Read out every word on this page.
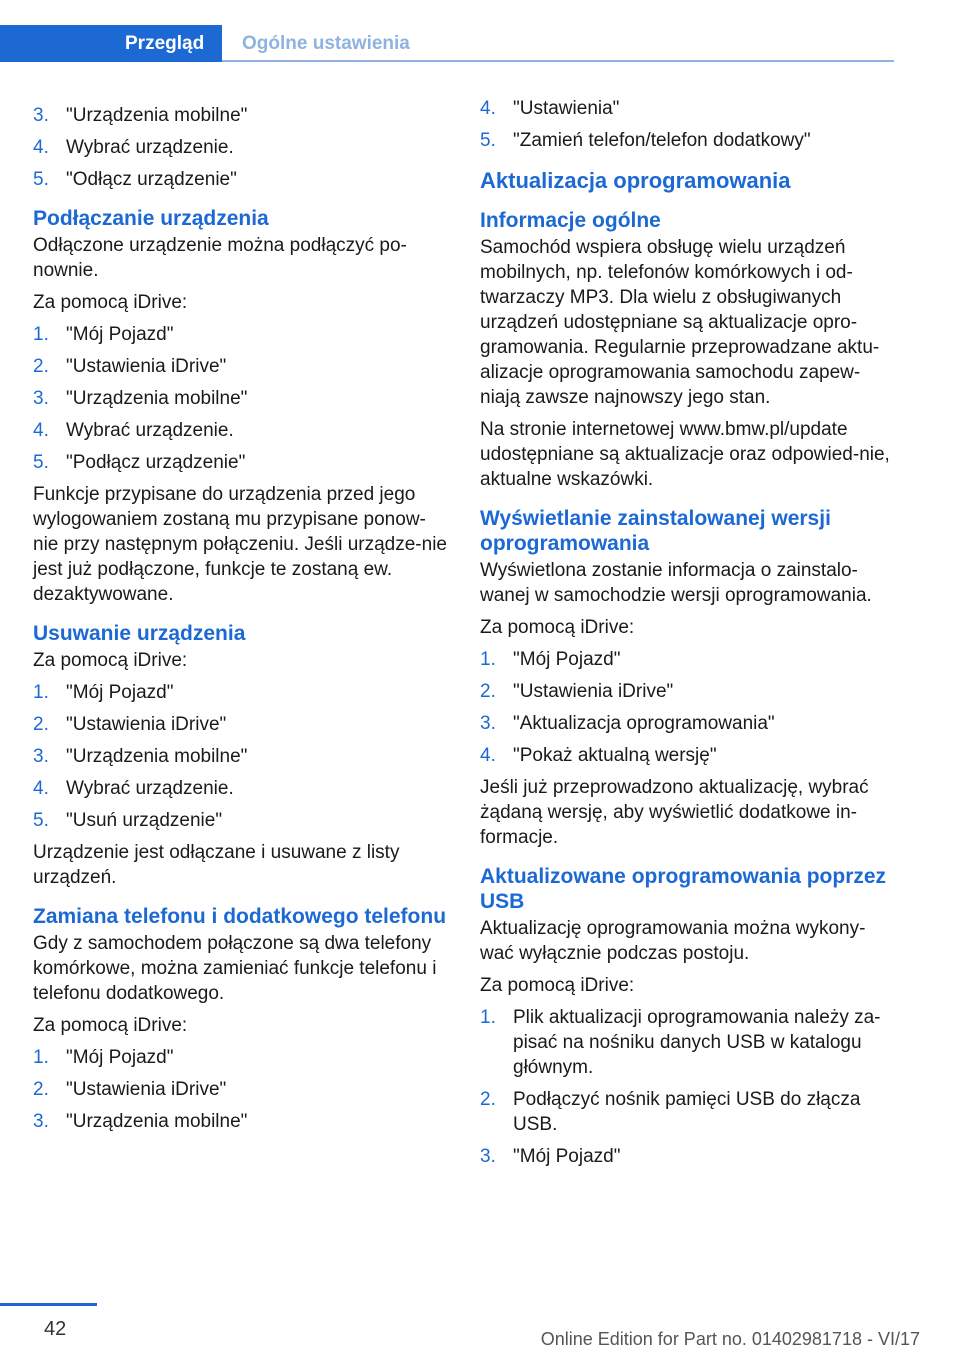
Przegląd	Ogólne ustawienia
3. "Urządzenia mobilne"
4. Wybrać urządzenie.
5. "Odłącz urządzenie"
Podłączanie urządzenia

Odłączone urządzenie można podłączyć po-nownie.

Za pomocą iDrive:

1. "Mój Pojazd"
2. "Ustawienia iDrive"
3. "Urządzenia mobilne"
4. Wybrać urządzenie.
5. "Podłącz urządzenie"

Funkcje przypisane do urządzenia przed jego wylogowaniem zostaną mu przypisane ponow-nie przy następnym połączeniu. Jeśli urządze-nie jest już podłączone, funkcje te zostaną ew. dezaktywowane.

Usuwanie urządzenia

Za pomocą iDrive:

1. "Mój Pojazd"
2. "Ustawienia iDrive"
3. "Urządzenia mobilne"
4. Wybrać urządzenie.
5. "Usuń urządzenie"

Urządzenie jest odłączane i usuwane z listy urządzeń.

Zamiana telefonu i dodatkowego telefonu

Gdy z samochodem połączone są dwa telefony komórkowe, można zamieniać funkcje telefonu i telefonu dodatkowego.

Za pomocą iDrive:

1. "Mój Pojazd"
2. "Ustawienia iDrive"
3. "Urządzenia mobilne"
4. "Ustawienia"
5. "Zamień telefon/telefon dodatkowy"
Aktualizacja oprogramowania
Informacje ogólne

Samochód wspiera obsługę wielu urządzeń mobilnych, np. telefonów komórkowych i od-twarzaczy MP3. Dla wielu z obsługiwanych urządzeń udostępniane są aktualizacje opro-gramowania. Regularnie przeprowadzane aktu-alizacje oprogramowania samochodu zapew-niają zawsze najnowszy jego stan.

Na stronie internetowej www.bmw.pl/update udostępniane są aktualizacje oraz odpowied-nie, aktualne wskazówki.

Wyświetlanie zainstalowanej wersji oprogramowania

Wyświetlona zostanie informacja o zainstalo-wanej w samochodzie wersji oprogramowania.

Za pomocą iDrive:

1. "Mój Pojazd"
2. "Ustawienia iDrive"
3. "Aktualizacja oprogramowania"
4. "Pokaż aktualną wersję"

Jeśli już przeprowadzono aktualizację, wybrać żądaną wersję, aby wyświetlić dodatkowe in-formacje.

Aktualizowane oprogramowania poprzez USB

Aktualizację oprogramowania można wykony-wać wyłącznie podczas postoju.

Za pomocą iDrive:

1. Plik aktualizacji oprogramowania należy za-pisać na nośniku danych USB w katalogu głównym.
2. Podłączyć nośnik pamięci USB do złącza USB.
3. "Mój Pojazd"
42	Online Edition for Part no. 01402981718 - VI/17
